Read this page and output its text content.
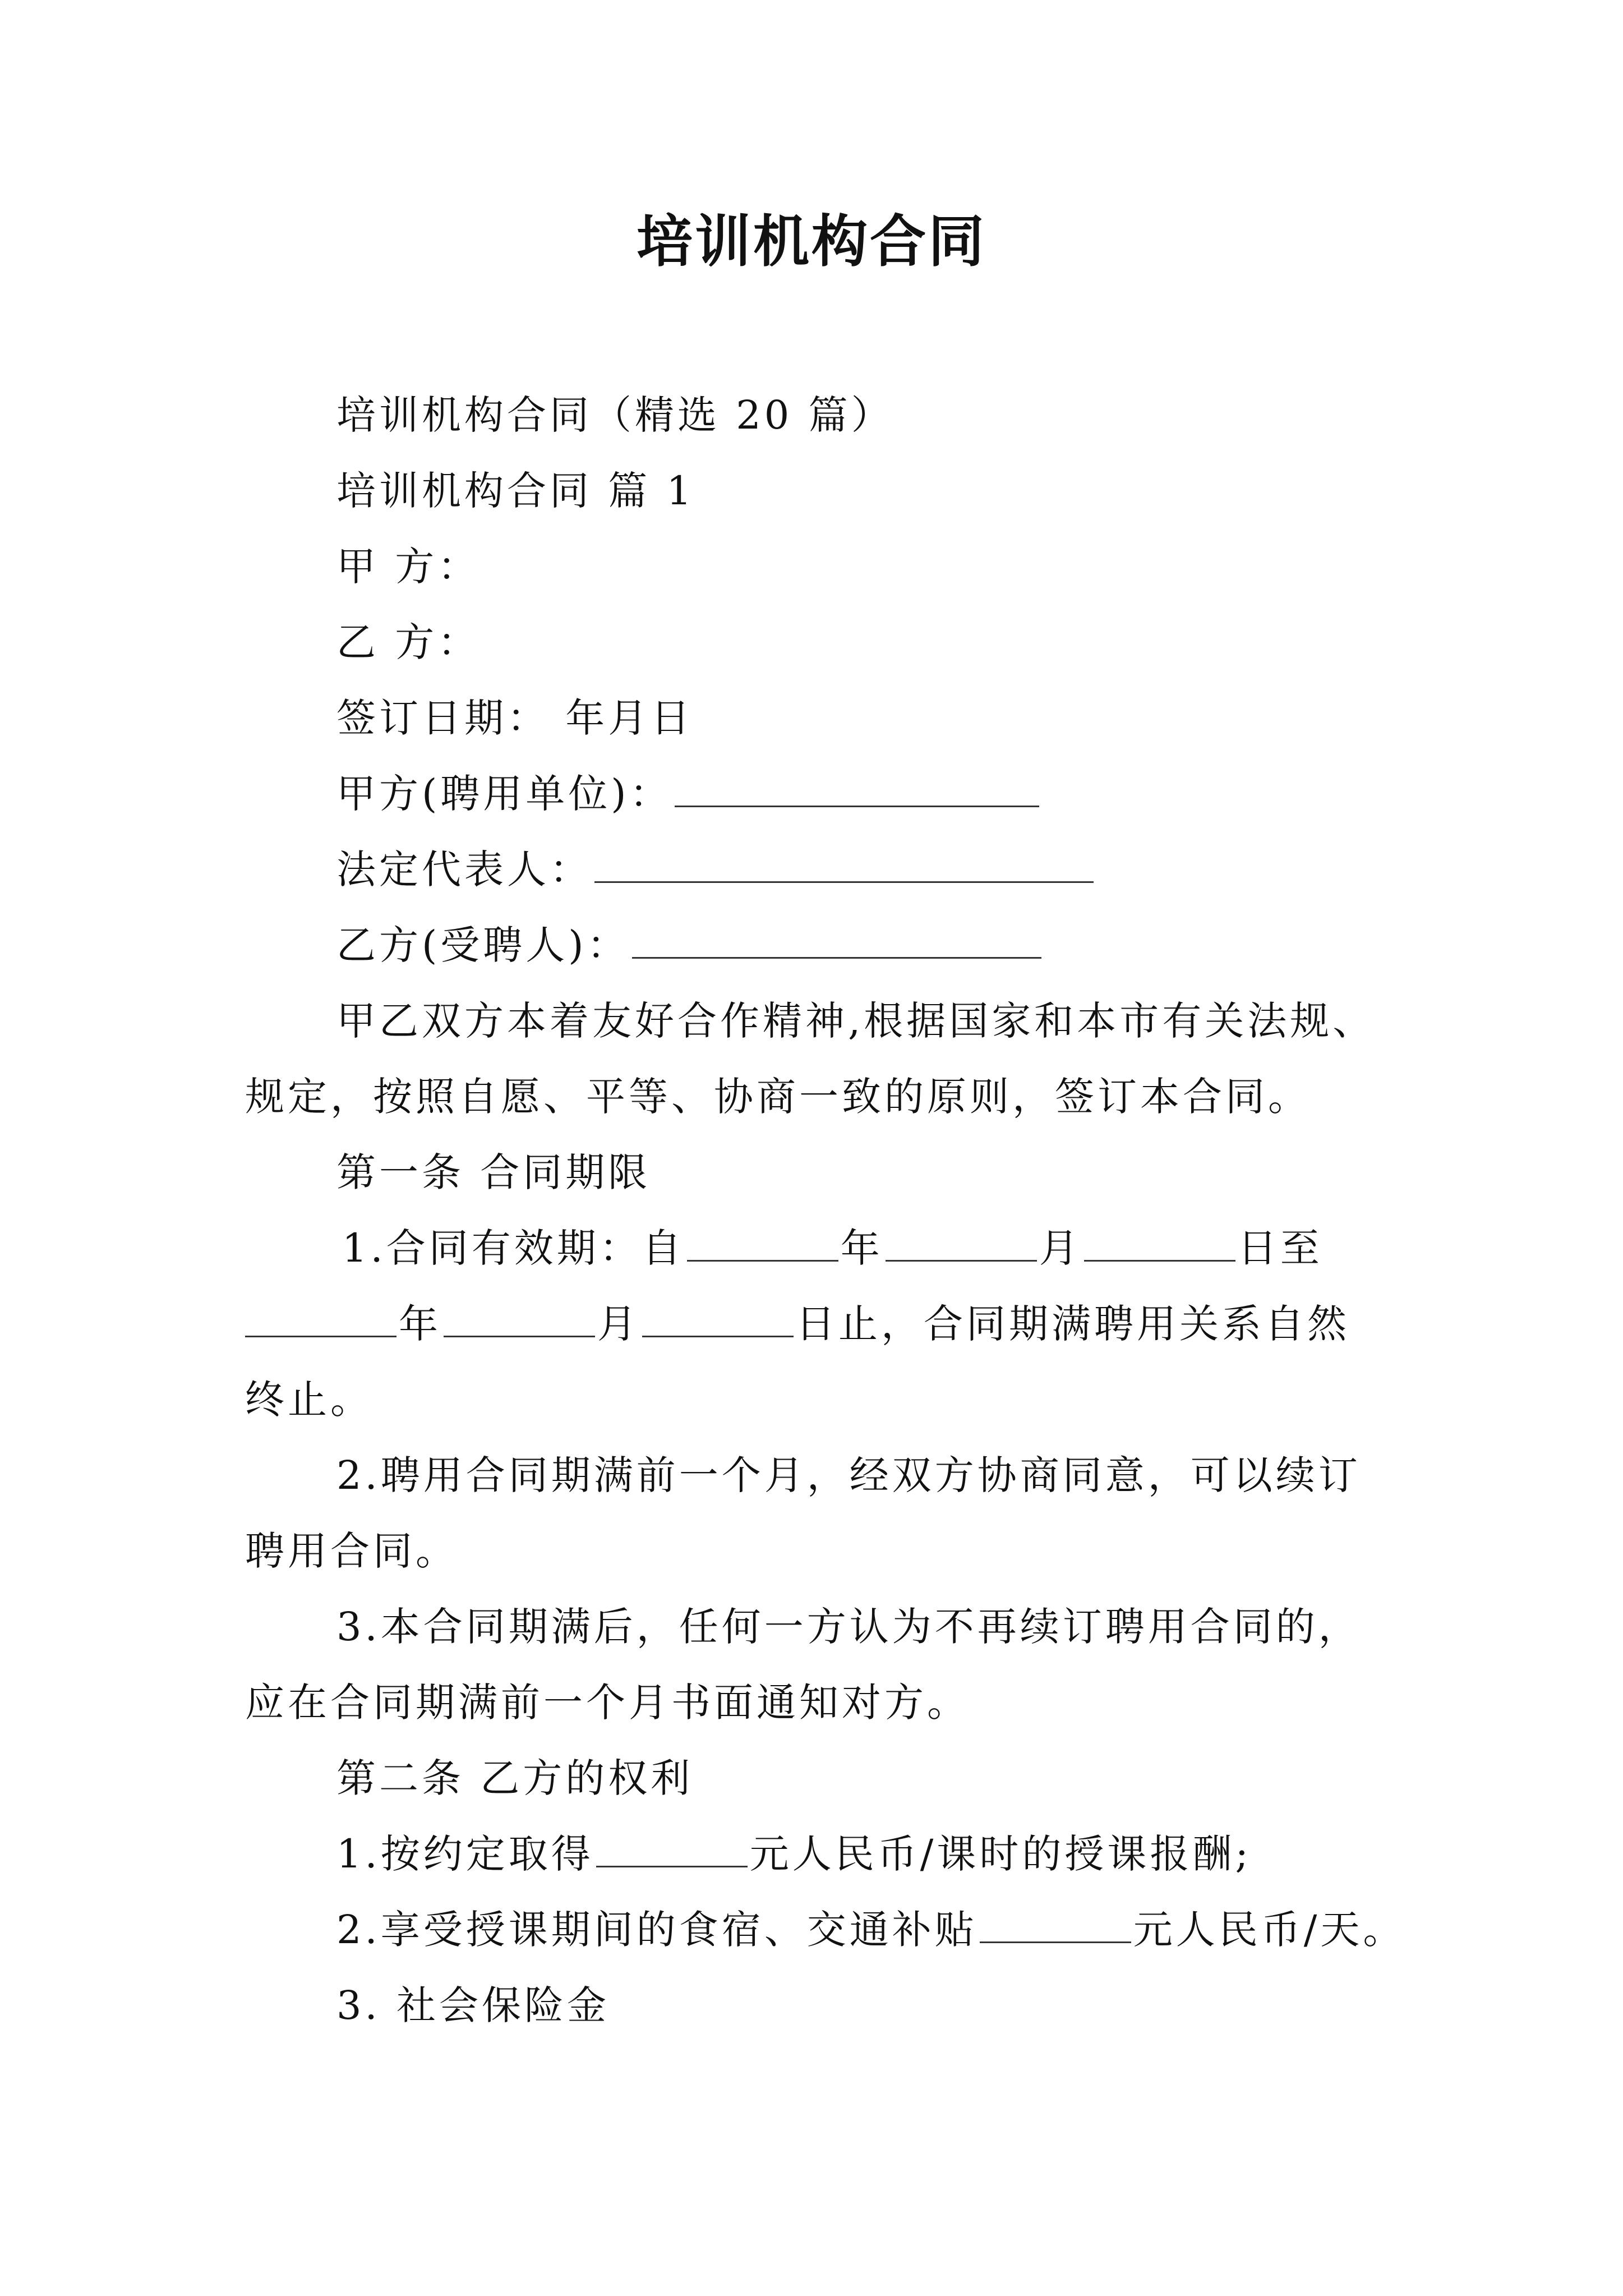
培训机构合同
培训机构合同（精选 20 篇）
培训机构合同 篇 1
甲 方：
乙 方：
签订日期： 年月日
甲方(聘用单位)：
法定代表人：
乙方(受聘人)：
甲乙双方本着友好合作精神,根据国家和本市有关法规、
规定，按照自愿、平等、协商一致的原则，签订本合同。
第一条 合同期限
1.合同有效期：自	年	月	日至
年	月	日止，合同期满聘用关系自然
终止。
2.聘用合同期满前一个月，经双方协商同意，可以续订
聘用合同。
3.本合同期满后，任何一方认为不再续订聘用合同的，
应在合同期满前一个月书面通知对方。
第二条 乙方的权利
1.按约定取得	元人民币/课时的授课报酬;
2.享受授课期间的食宿、交通补贴	元人民币/天。
3. 社会保险金
